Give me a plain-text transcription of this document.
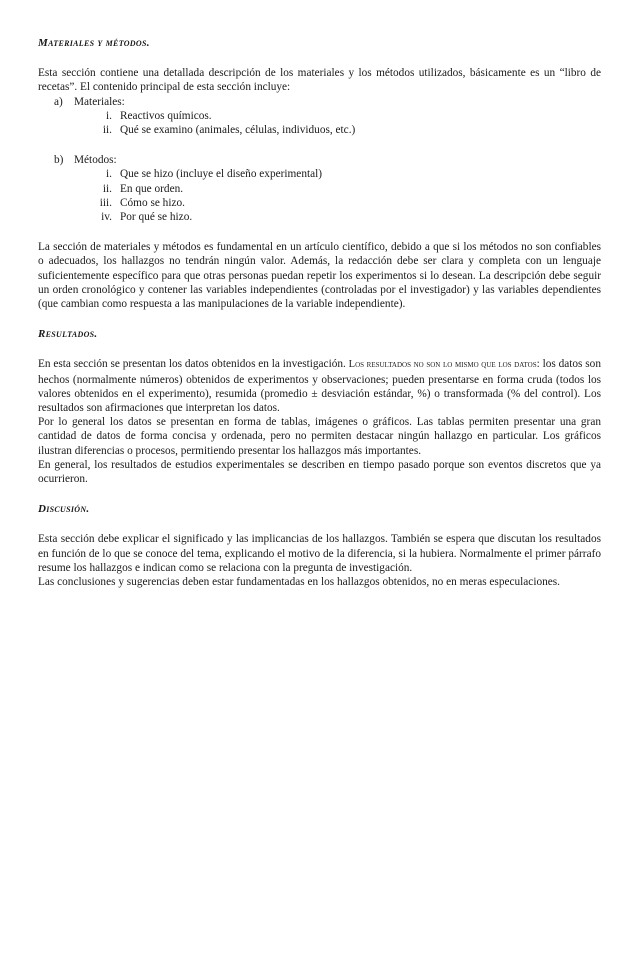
Materiales y métodos.

Esta sección contiene una detallada descripción de los materiales y los métodos utilizados, básicamente es un “libro de recetas”. El contenido principal de esta sección incluye:

a) Materiales:
i. Reactivos químicos.
ii. Qué se examino (animales, células, individuos, etc.)
b) Métodos:
i. Que se hizo (incluye el diseño experimental)
ii. En que orden.
iii. Cómo se hizo.
iv. Por qué se hizo.

La sección de materiales y métodos es fundamental en un artículo científico, debido a que si los métodos no son confiables o adecuados, los hallazgos no tendrán ningún valor. Además, la redacción debe ser clara y completa con un lenguaje suficientemente específico para que otras personas puedan repetir los experimentos si lo desean. La descripción debe seguir un orden cronológico y contener las variables independientes (controladas por el investigador) y las variables dependientes (que cambian como respuesta a las manipulaciones de la variable independiente).

Resultados.

En esta sección se presentan los datos obtenidos en la investigación. Los resultados no son lo mismo que los datos: los datos son hechos (normalmente números) obtenidos de experimentos y observaciones; pueden presentarse en forma cruda (todos los valores obtenidos en el experimento), resumida (promedio ± desviación estándar, %) o transformada (% del control). Los resultados son afirmaciones que interpretan los datos.

Por lo general los datos se presentan en forma de tablas, imágenes o gráficos. Las tablas permiten presentar una gran cantidad de datos de forma concisa y ordenada, pero no permiten destacar ningún hallazgo en particular. Los gráficos ilustran diferencias o procesos, permitiendo presentar los hallazgos más importantes.

En general, los resultados de estudios experimentales se describen en tiempo pasado porque son eventos discretos que ya ocurrieron.

Discusión.

Esta sección debe explicar el significado y las implicancias de los hallazgos. También se espera que discutan los resultados en función de lo que se conoce del tema, explicando el motivo de la diferencia, si la hubiera. Normalmente el primer párrafo resume los hallazgos e indican como se relaciona con la pregunta de investigación.

Las conclusiones y sugerencias deben estar fundamentadas en los hallazgos obtenidos, no en meras especulaciones.
